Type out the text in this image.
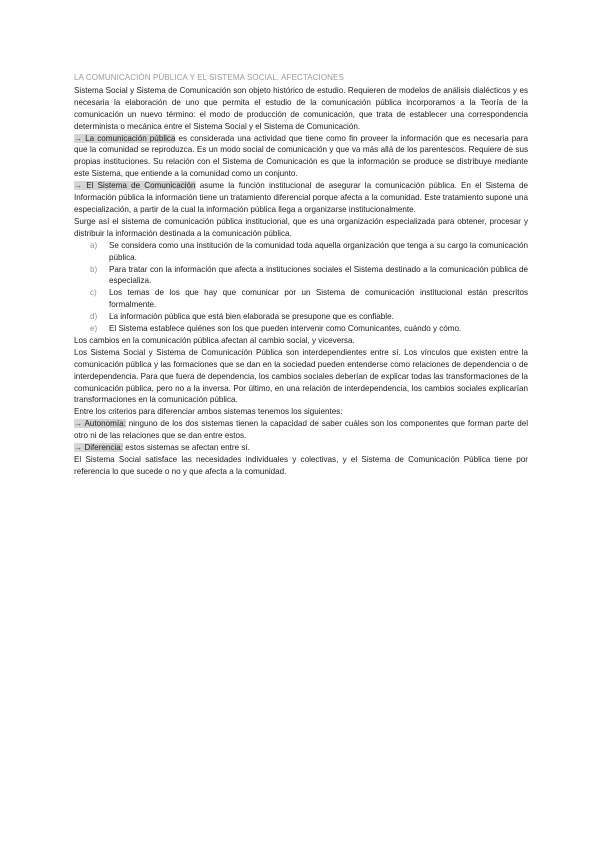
LA COMUNICACIÓN PÚBLICA Y EL SISTEMA SOCIAL. AFECTACIONES

Sistema Social y Sistema de Comunicación son objeto histórico de estudio. Requieren de modelos de análisis dialécticos y es necesaria la elaboración de uno que permita el estudio de la comunicación pública incorporamos a la Teoría de la comunicación un nuevo término: el modo de producción de comunicación, que trata de establecer una correspondencia determinista o mecánica entre el Sistema Social y el Sistema de Comunicación.

→ La comunicación pública es considerada una actividad que tiene como fin proveer la información que es necesaria para que la comunidad se reproduzca. Es un modo social de comunicación y que va más allá de los parentescos. Requiere de sus propias instituciones. Su relación con el Sistema de Comunicación es que la información se produce se distribuye mediante este Sistema, que entiende a la comunidad como un conjunto.

→ El Sistema de Comunicación asume la función institucional de asegurar la comunicación pública. En el Sistema de Información pública la información tiene un tratamiento diferencial porque afecta a la comunidad. Este tratamiento supone una especialización, a partir de la cual la información pública llega a organizarse institucionalmente.

Surge así el sistema de comunicación pública institucional, que es una organización especializada para obtener, procesar y distribuir la información destinada a la comunicación pública.

a) Se considera como una institución de la comunidad toda aquella organización que tenga a su cargo la comunicación pública.
b) Para tratar con la información que afecta a instituciones sociales el Sistema destinado a la comunicación pública de especializa.
c) Los temas de los que hay que comunicar por un Sistema de comunicación institucional están prescritos formalmente.
d) La información pública que está bien elaborada se presupone que es confiable.
e) El Sistema establece quiénes son los que pueden intervenir como Comunicantes, cuándo y cómo.

Los cambios en la comunicación pública afectan al cambio social, y viceversa.

Los Sistema Social y Sistema de Comunicación Pública son interdependientes entre sí. Los vínculos que existen entre la comunicación pública y las formaciones que se dan en la sociedad pueden entenderse como relaciones de dependencia o de interdependencia. Para que fuera de dependencia, los cambios sociales deberían de explicar todas las transformaciones de la comunicación pública, pero no a la inversa. Por último, en una relación de interdependencia, los cambios sociales explicarían transformaciones en la comunicación pública.

Entre los criterios para diferenciar ambos sistemas tenemos los siguientes:

→ Autonomía: ninguno de los dos sistemas tienen la capacidad de saber cuáles son los componentes que forman parte del otro ni de las relaciones que se dan entre estos.

→ Diferencia: estos sistemas se afectan entre sí.

El Sistema Social satisface las necesidades individuales y colectivas, y el Sistema de Comunicación Pública tiene por referencia lo que sucede o no y que afecta a la comunidad.
